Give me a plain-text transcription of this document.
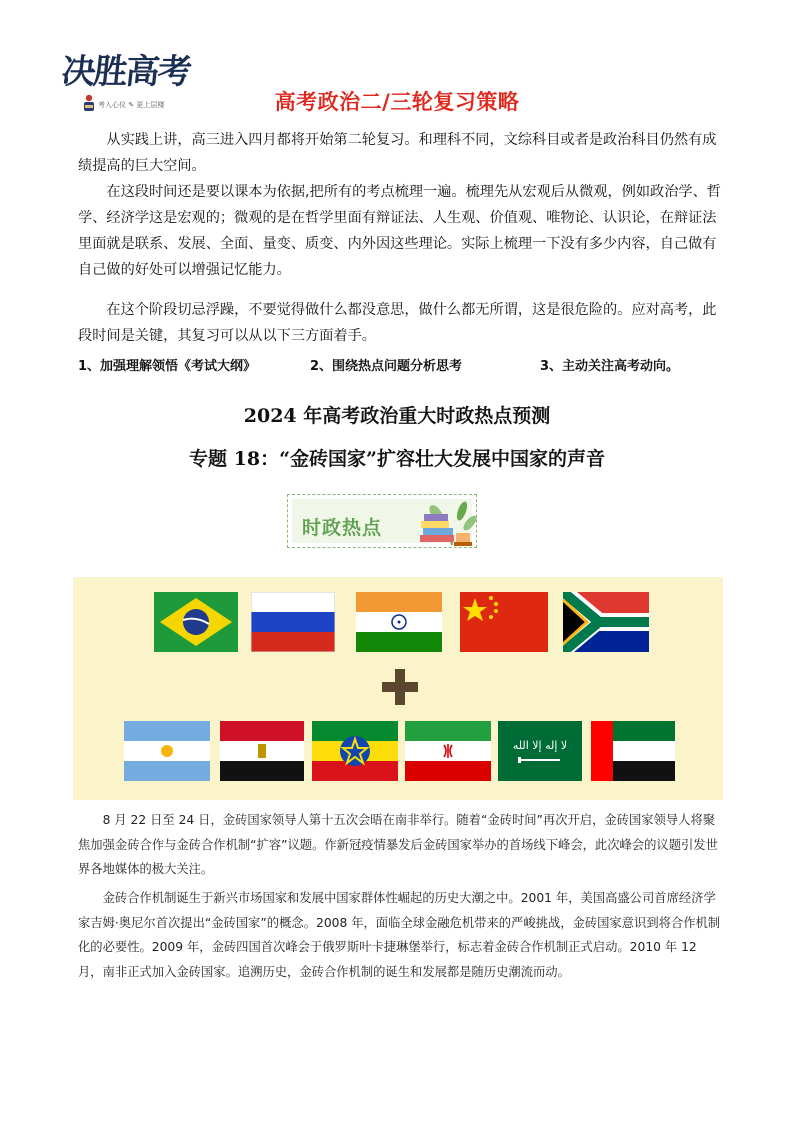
决胜高考
考入心仪 ✎ 更上层楼	高考政治二/三轮复习策略

从实践上讲，高三进入四月都将开始第二轮复习。和理科不同，文综科目或者是政治科目仍然有成绩提高的巨大空间。

在这段时间还是要以课本为依据,把所有的考点梳理一遍。梳理先从宏观后从微观，例如政治学、哲学、经济学这是宏观的；微观的是在哲学里面有辩证法、人生观、价值观、唯物论、认识论，在辩证法里面就是联系、发展、全面、量变、质变、内外因这些理论。实际上梳理一下没有多少内容，自己做有自己做的好处可以增强记忆能力。

在这个阶段切忌浮躁，不要觉得做什么都没意思，做什么都无所谓，这是很危险的。应对高考，此段时间是关键，其复习可以从以下三方面着手。

1、加强理解领悟《考试大纲》	2、围绕热点问题分析思考	3、主动关注高考动向。
2024 年高考政治重大时政热点预测
专题 18：“金砖国家”扩容壮大发展中国家的声音
时政热点
لا إله إلا الله

8 月 22 日至 24 日，金砖国家领导人第十五次会晤在南非举行。随着“金砖时间”再次开启，金砖国家领导人将聚焦加强金砖合作与金砖合作机制“扩容”议题。作新冠疫情暴发后金砖国家举办的首场线下峰会，此次峰会的议题引发世界各地媒体的极大关注。

金砖合作机制诞生于新兴市场国家和发展中国家群体性崛起的历史大潮之中。2001 年，美国高盛公司首席经济学家吉姆·奥尼尔首次提出“金砖国家”的概念。2008 年，面临全球金融危机带来的严峻挑战，金砖国家意识到将合作机制化的必要性。2009 年，金砖四国首次峰会于俄罗斯叶卡捷琳堡举行，标志着金砖合作机制正式启动。2010 年 12 月，南非正式加入金砖国家。追溯历史，金砖合作机制的诞生和发展都是随历史潮流而动。
